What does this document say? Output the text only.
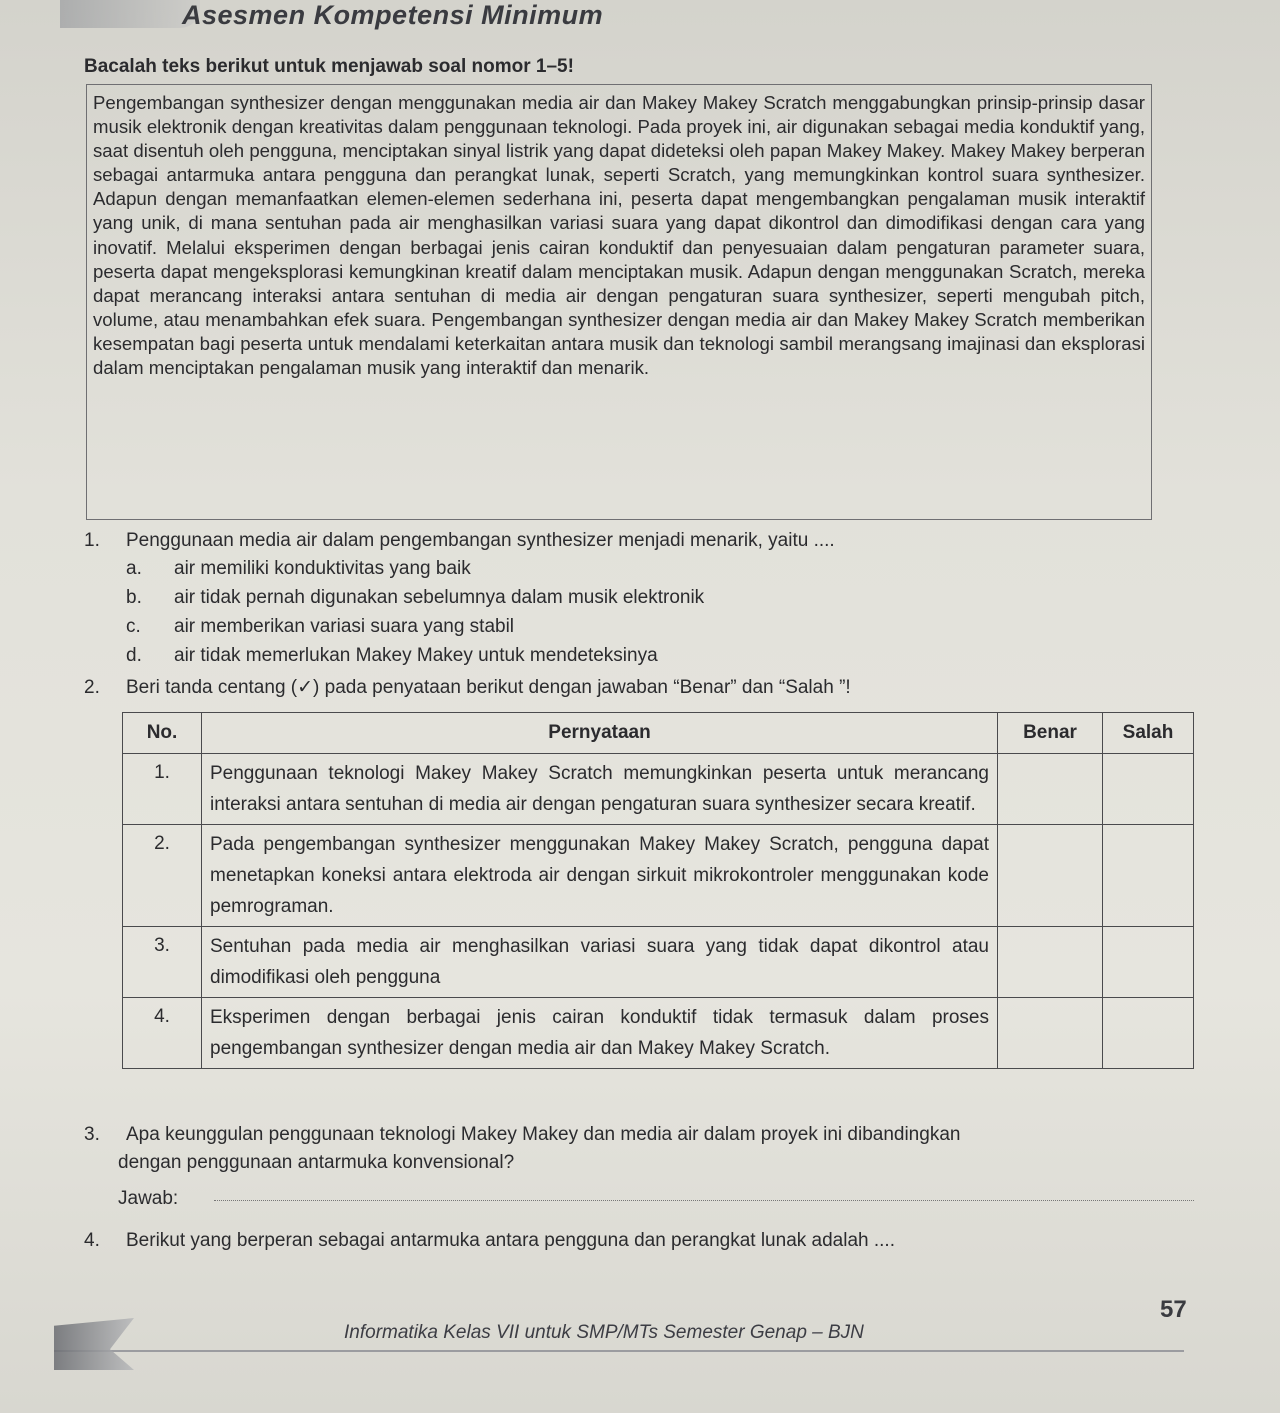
Asesmen Kompetensi Minimum
Bacalah teks berikut untuk menjawab soal nomor 1–5!
Pengembangan synthesizer dengan menggunakan media air dan Makey Makey Scratch menggabungkan prinsip-prinsip dasar musik elektronik dengan kreativitas dalam penggunaan teknologi. Pada proyek ini, air digunakan sebagai media konduktif yang, saat disentuh oleh pengguna, menciptakan sinyal listrik yang dapat dideteksi oleh papan Makey Makey. Makey Makey berperan sebagai antarmuka antara pengguna dan perangkat lunak, seperti Scratch, yang memungkinkan kontrol suara synthesizer. Adapun dengan memanfaatkan elemen-elemen sederhana ini, peserta dapat mengembangkan pengalaman musik interaktif yang unik, di mana sentuhan pada air menghasilkan variasi suara yang dapat dikontrol dan dimodifikasi dengan cara yang inovatif. Melalui eksperimen dengan berbagai jenis cairan konduktif dan penyesuaian dalam pengaturan parameter suara, peserta dapat mengeksplorasi kemungkinan kreatif dalam menciptakan musik. Adapun dengan menggunakan Scratch, mereka dapat merancang interaksi antara sentuhan di media air dengan pengaturan suara synthesizer, seperti mengubah pitch, volume, atau menambahkan efek suara. Pengembangan synthesizer dengan media air dan Makey Makey Scratch memberikan kesempatan bagi peserta untuk mendalami keterkaitan antara musik dan teknologi sambil merangsang imajinasi dan eksplorasi dalam menciptakan pengalaman musik yang interaktif dan menarik.
1. Penggunaan media air dalam pengembangan synthesizer menjadi menarik, yaitu ....
a. air memiliki konduktivitas yang baik
b. air tidak pernah digunakan sebelumnya dalam musik elektronik
c. air memberikan variasi suara yang stabil
d. air tidak memerlukan Makey Makey untuk mendeteksinya
2. Beri tanda centang (✓) pada penyataan berikut dengan jawaban “Benar” dan “Salah ”!
No.	Pernyataan	Benar	Salah
1.	Penggunaan teknologi Makey Makey Scratch memungkinkan peserta untuk merancang interaksi antara sentuhan di media air dengan pengaturan suara synthesizer secara kreatif.		
2.	Pada pengembangan synthesizer menggunakan Makey Makey Scratch, pengguna dapat menetapkan koneksi antara elektroda air dengan sirkuit mikrokontroler menggunakan kode pemrograman.		
3.	Sentuhan pada media air menghasilkan variasi suara yang tidak dapat dikontrol atau dimodifikasi oleh pengguna		
4.	Eksperimen dengan berbagai jenis cairan konduktif tidak termasuk dalam proses pengembangan synthesizer dengan media air dan Makey Makey Scratch.		
3. Apa keunggulan penggunaan teknologi Makey Makey dan media air dalam proyek ini dibandingkan
dengan penggunaan antarmuka konvensional?
Jawab:
4. Berikut yang berperan sebagai antarmuka antara pengguna dan perangkat lunak adalah ....
Informatika Kelas VII untuk SMP/MTs Semester Genap – BJN
57
